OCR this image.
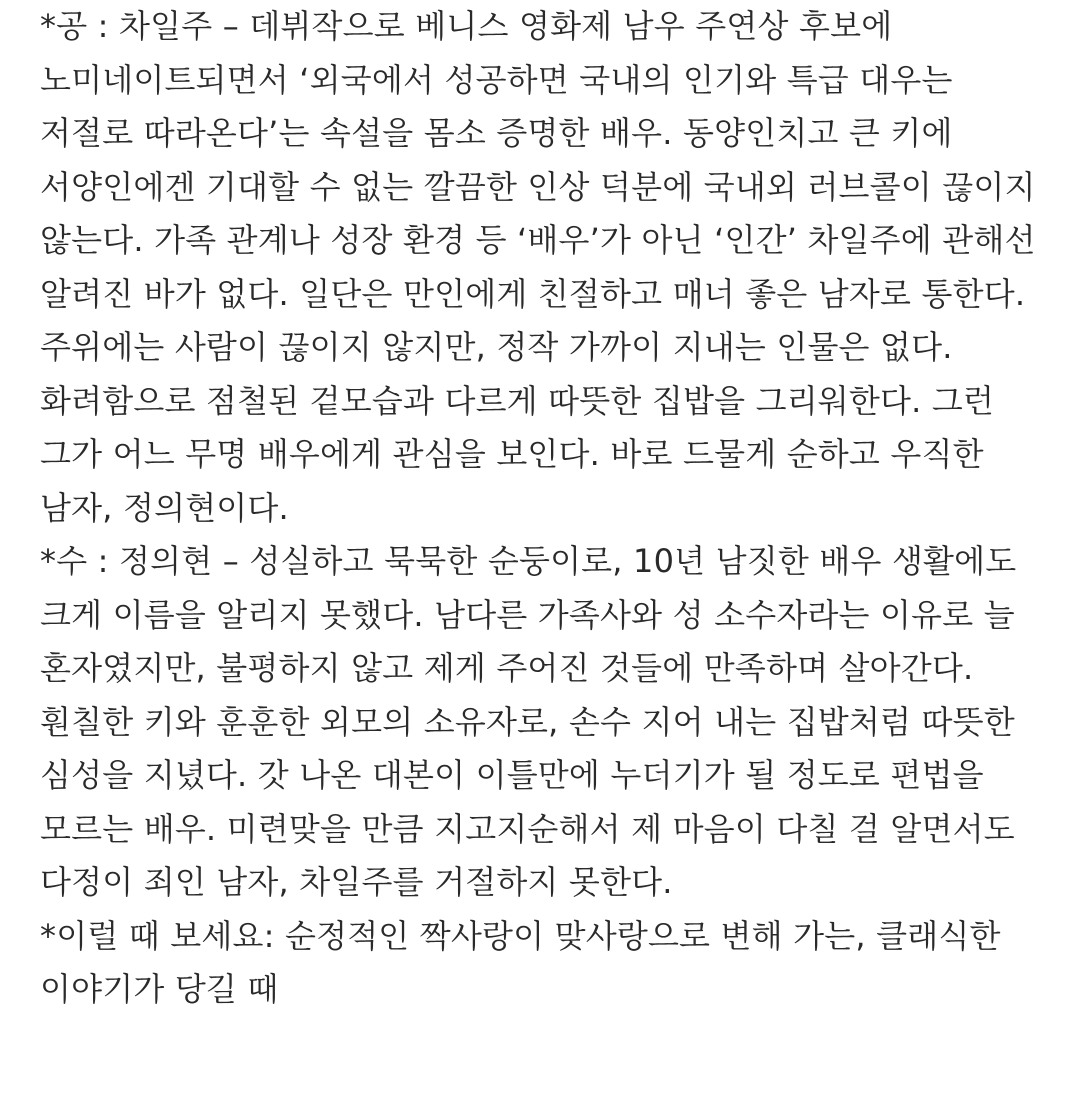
*공 : 차일주 – 데뷔작으로 베니스 영화제 남우 주연상 후보에
노미네이트되면서 ‘외국에서 성공하면 국내의 인기와 특급 대우는
저절로 따라온다’는 속설을 몸소 증명한 배우. 동양인치고 큰 키에
서양인에겐 기대할 수 없는 깔끔한 인상 덕분에 국내외 러브콜이 끊이지
않는다. 가족 관계나 성장 환경 등 ‘배우’가 아닌 ‘인간’ 차일주에 관해선
알려진 바가 없다. 일단은 만인에게 친절하고 매너 좋은 남자로 통한다.
주위에는 사람이 끊이지 않지만, 정작 가까이 지내는 인물은 없다.
화려함으로 점철된 겉모습과 다르게 따뜻한 집밥을 그리워한다. 그런
그가 어느 무명 배우에게 관심을 보인다. 바로 드물게 순하고 우직한
남자, 정의현이다.
*수 : 정의현 – 성실하고 묵묵한 순둥이로, 10년 남짓한 배우 생활에도
크게 이름을 알리지 못했다. 남다른 가족사와 성 소수자라는 이유로 늘
혼자였지만, 불평하지 않고 제게 주어진 것들에 만족하며 살아간다.
훤칠한 키와 훈훈한 외모의 소유자로, 손수 지어 내는 집밥처럼 따뜻한
심성을 지녔다. 갓 나온 대본이 이틀만에 누더기가 될 정도로 편법을
모르는 배우. 미련맞을 만큼 지고지순해서 제 마음이 다칠 걸 알면서도
다정이 죄인 남자, 차일주를 거절하지 못한다.
*이럴 때 보세요: 순정적인 짝사랑이 맞사랑으로 변해 가는, 클래식한
이야기가 당길 때
